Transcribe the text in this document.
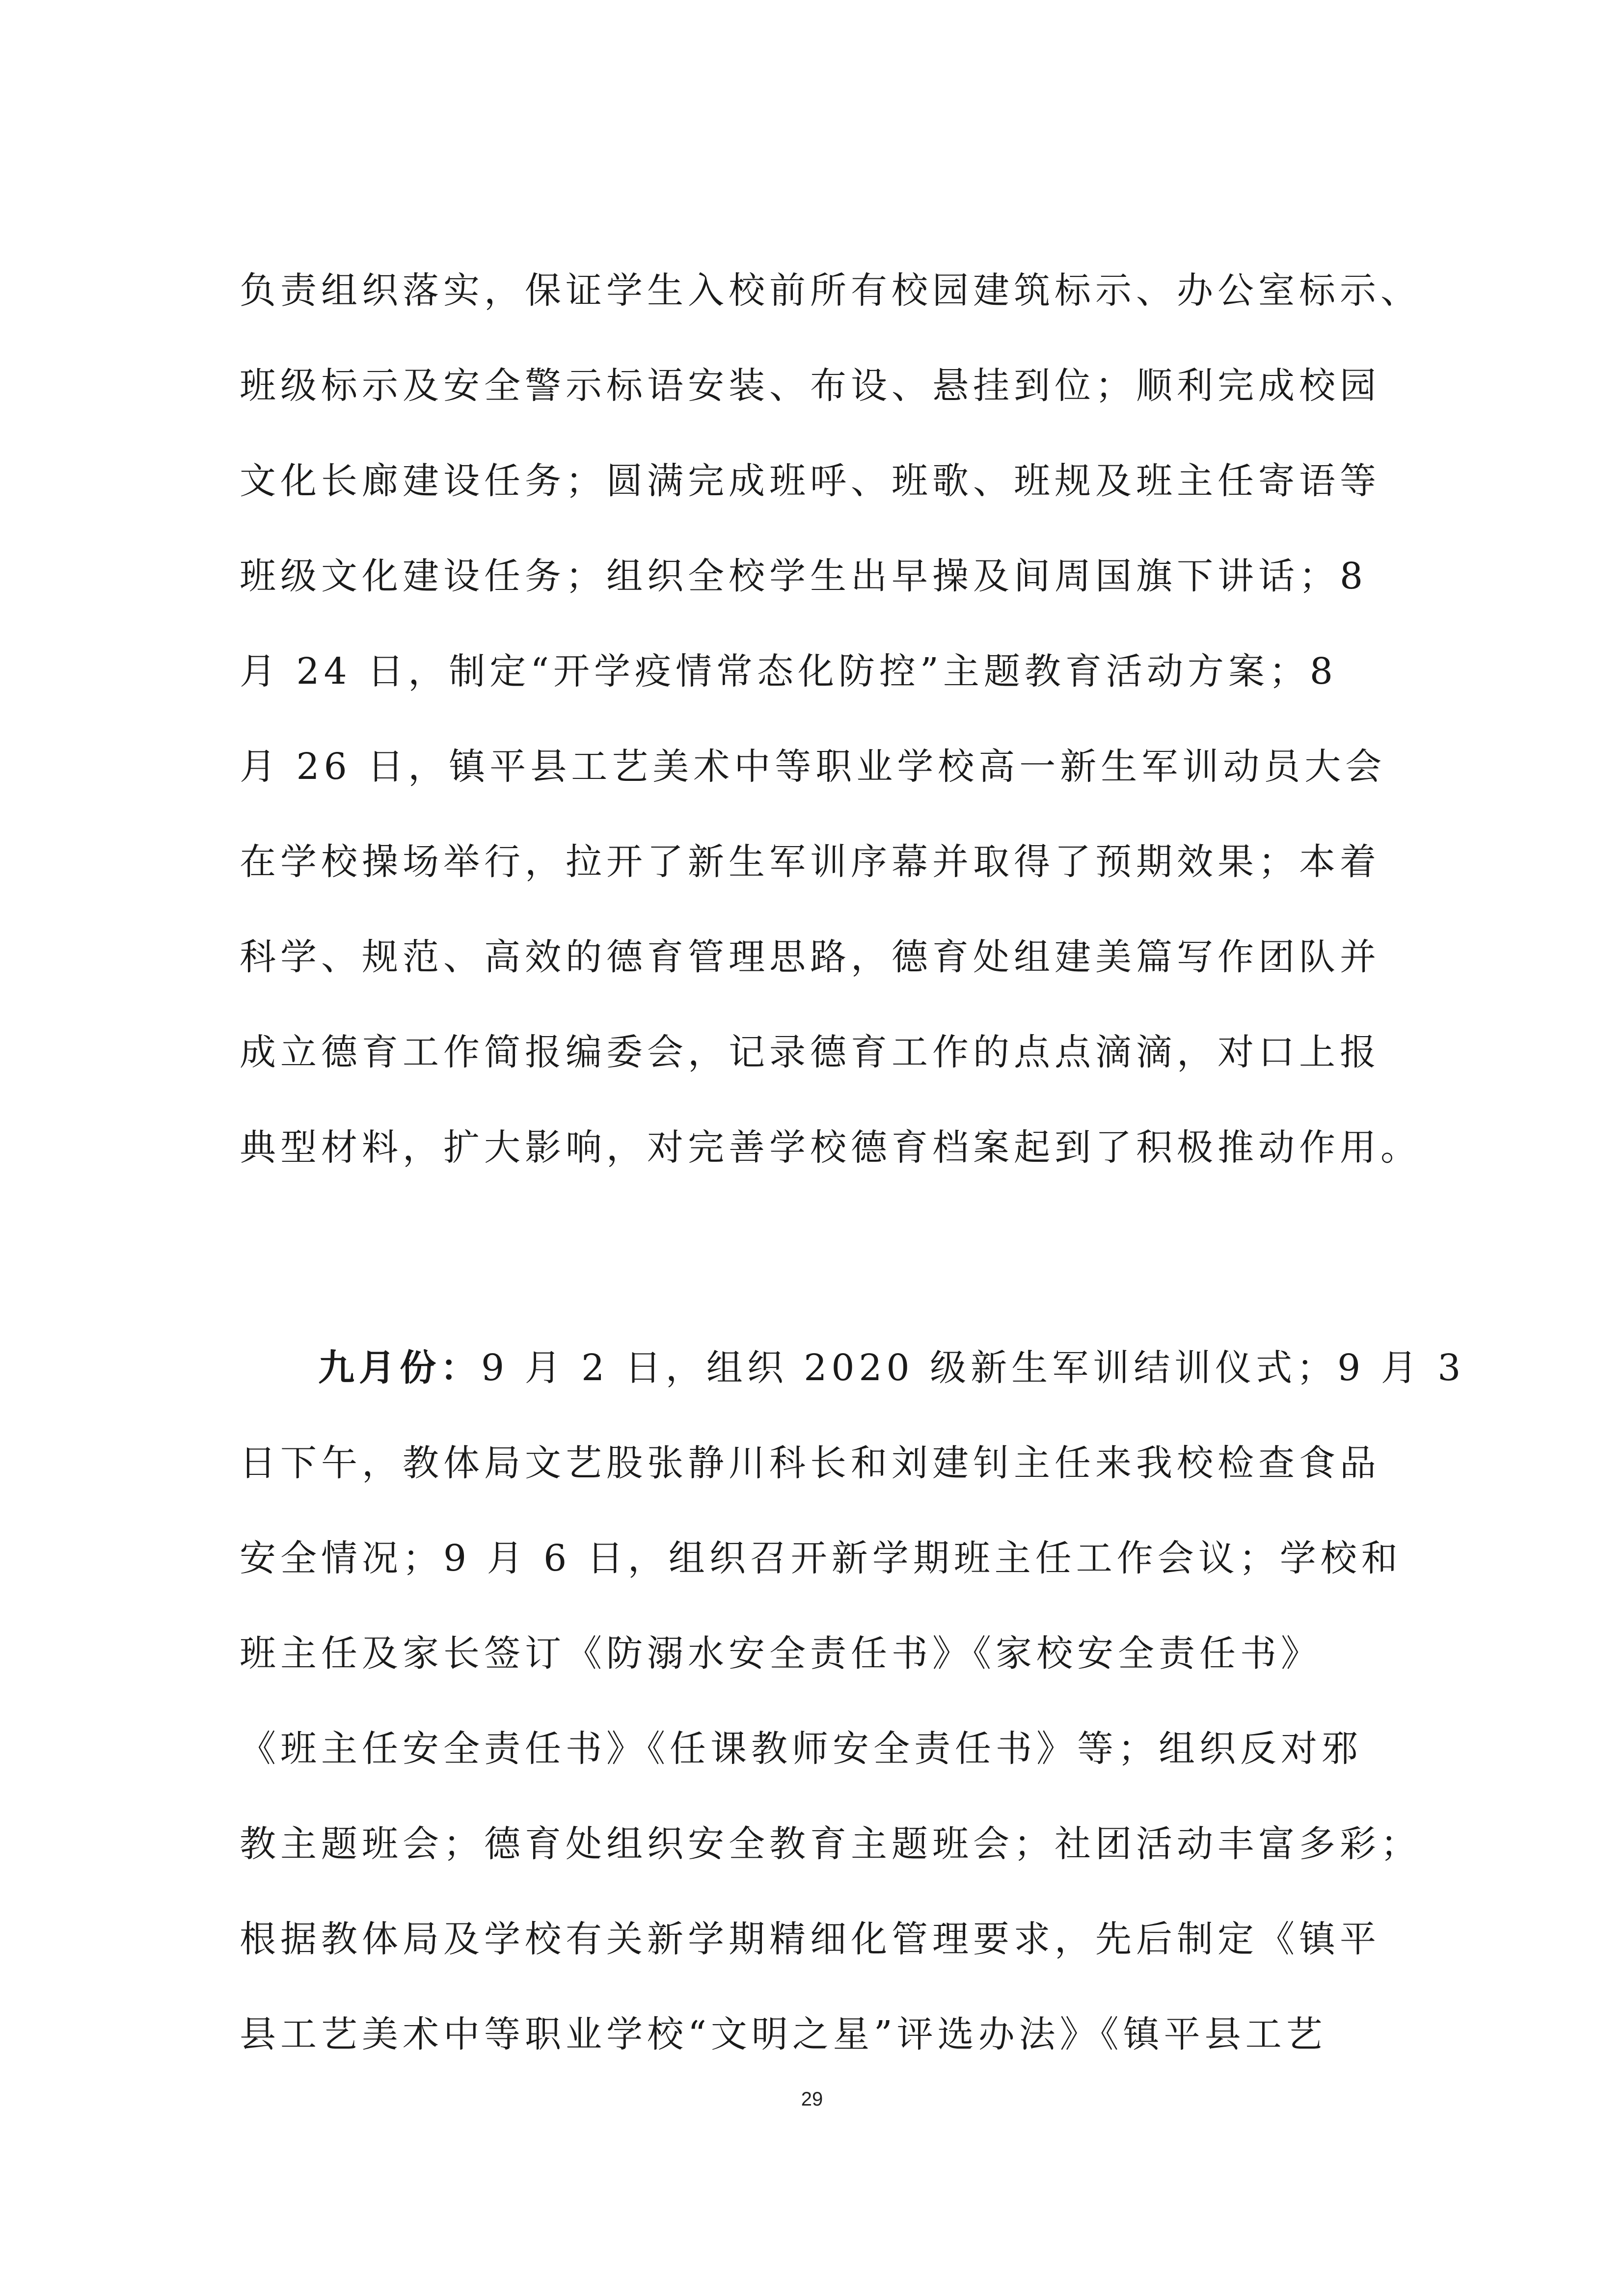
负责组织落实，保证学生入校前所有校园建筑标示、办公室标示、
班级标示及安全警示标语安装、布设、悬挂到位；顺利完成校园
文化长廊建设任务；圆满完成班呼、班歌、班规及班主任寄语等
班级文化建设任务；组织全校学生出早操及间周国旗下讲话；8
月 24 日，制定“开学疫情常态化防控”主题教育活动方案；8
月 26 日，镇平县工艺美术中等职业学校高一新生军训动员大会
在学校操场举行，拉开了新生军训序幕并取得了预期效果；本着
科学、规范、高效的德育管理思路，德育处组建美篇写作团队并
成立德育工作简报编委会，记录德育工作的点点滴滴，对口上报
典型材料，扩大影响，对完善学校德育档案起到了积极推动作用。
九月份：9 月 2 日，组织 2020 级新生军训结训仪式；9 月 3
日下午，教体局文艺股张静川科长和刘建钊主任来我校检查食品
安全情况；9 月 6 日，组织召开新学期班主任工作会议；学校和
班主任及家长签订《防溺水安全责任书》《家校安全责任书》
《班主任安全责任书》《任课教师安全责任书》等；组织反对邪
教主题班会；德育处组织安全教育主题班会；社团活动丰富多彩；
根据教体局及学校有关新学期精细化管理要求，先后制定《镇平
县工艺美术中等职业学校“文明之星”评选办法》《镇平县工艺
29
